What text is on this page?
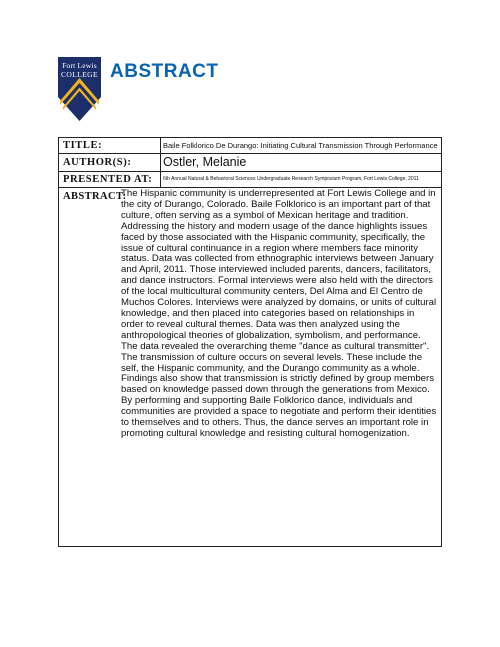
Fort Lewis
COLLEGE ABSTRACT
TITLE:	Baile Folklorico De Durango: Initiating Cultural Transmission Through Performance
AUTHOR(S):	Ostler, Melanie
PRESENTED AT:	6th Annual Natural & Behavioral Sciences Undergraduate Research Symposium Program, Fort Lewis College, 2011
ABSTRACT:
The Hispanic community is underrepresented at Fort Lewis College and in the city of Durango, Colorado. Baile Folklorico is an important part of that culture, often serving as a symbol of Mexican heritage and tradition. Addressing the history and modern usage of the dance highlights issues faced by those associated with the Hispanic community, specifically, the issue of cultural continuance in a region where members face minority status. Data was collected from ethnographic interviews between January and April, 2011. Those interviewed included parents, dancers, facilitators, and dance instructors. Formal interviews were also held with the directors of the local multicultural community centers, Del Alma and El Centro de Muchos Colores. Interviews were analyzed by domains, or units of cultural knowledge, and then placed into categories based on relationships in order to reveal cultural themes. Data was then analyzed using the anthropological theories of globalization, symbolism, and performance. The data revealed the overarching theme "dance as cultural transmitter". The transmission of culture occurs on several levels. These include the self, the Hispanic community, and the Durango community as a whole. Findings also show that transmission is strictly defined by group members based on knowledge passed down through the generations from Mexico. By performing and supporting Baile Folklorico dance, individuals and communities are provided a space to negotiate and perform their identities to themselves and to others. Thus, the dance serves an important role in promoting cultural knowledge and resisting cultural homogenization.
